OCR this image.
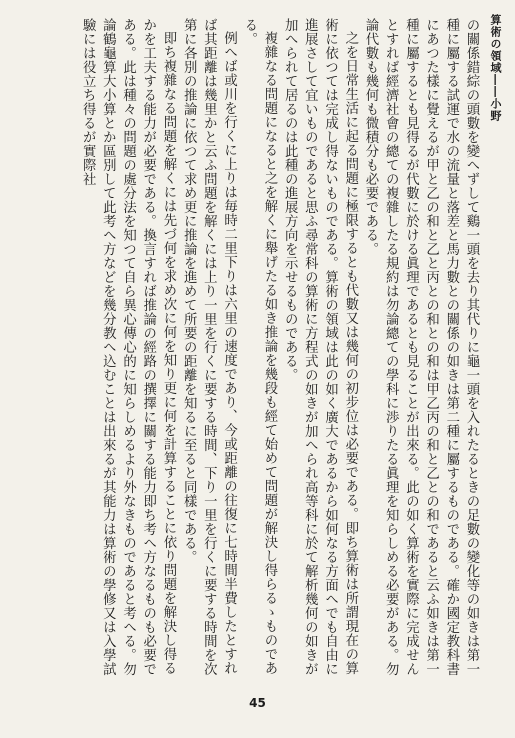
算術の領域――小野

の關係錯綜の頭數を變へずして鷄一頭を去り其代りに龜一頭を入れたるときの足數の變化等の如きは第一種に屬する試運で水の流量と落差と馬力數との關係の如きは第二種に屬するものである。確か國定教科書にあつた樣に覺えるが甲と乙の和と乙と丙との和との和は甲乙丙の和と乙との和であると云ふ如きは第一種に屬するとも見得るが代數に於ける眞理であるとも見ることが出來る。此の如く算術を實際に完成せんとすれば經濟社會の總ての複雜したる規約は勿論總ての學科に渉りたる眞理を知らしめる必要がある。勿論代數も幾何も微積分も必要である。

之を日常生活に起る問題に極限するとも代數又は幾何の初步位は必要である。即ち算術は所謂現在の算術に依つては完成し得ないものである。算術の領域は此の如く廣大であるから如何なる方面へでも自由に進展さして宜いものであると思ふ尋常科の算術に方程式の如きが加へられ高等科に於て解析幾何の如きが加へられて居るのは此種の進展方向を示せるものである。

複雜なる問題になると之を解くに舉げたる如き推論を幾段も經て始めて問題が解決し得らるゝものである。

例へば或川を行くに上りは毎時二里下りは六里の速度であり、今或距離の往復に七時間半費したとすれば其距離は幾里かと云ふ問題を解くには上り一里を行くに要する時間、下り一里を行くに要する時間を次第に各別の推論に依つて求め更に推論を進めて所要の距離を知るに至ると同樣である。

即ち複雜なる問題を解くには先づ何を求め次に何を知り更に何を計算することに依り問題を解決し得るかを工夫する能力が必要である。換言すれば推論の經路の撰擇に關する能力即ち考へ方なるものも必要である。此は種々の問題の處分法を知つて自ら異心傳心的に知らしめるより外なきものであると考へる。勿論鶴龜算大小算とか區別して此考へ方などを幾分教へ込むことは出來るが其能力は算術の學修又は入學試驗には役立ち得るが實際社

45
